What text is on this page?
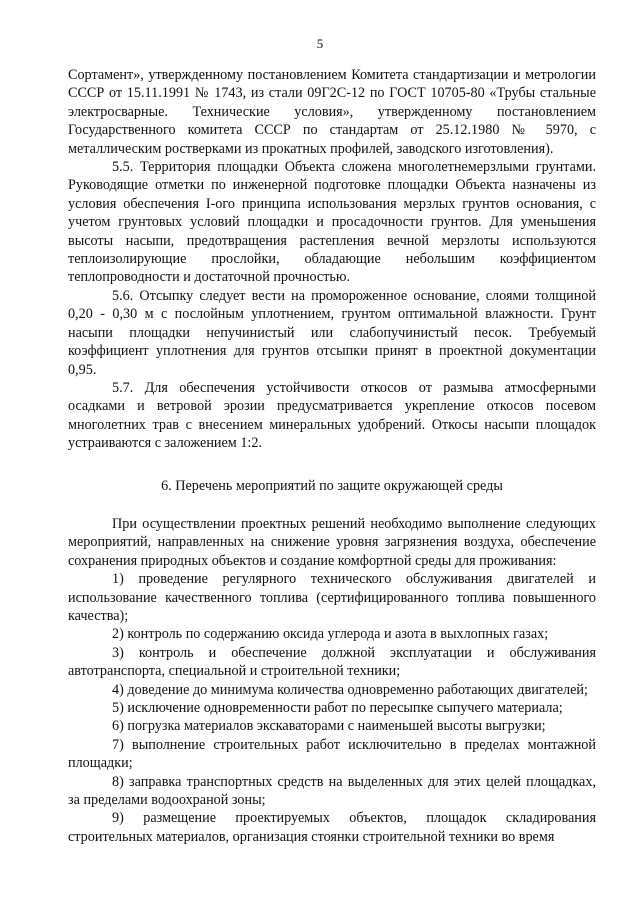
5

Сортамент», утвержденному постановлением Комитета стандартизации и метрологии СССР от 15.11.1991 № 1743, из стали 09Г2С-12 по ГОСТ 10705-80 «Трубы стальные электросварные. Технические условия», утвержденному постановлением Государственного комитета СССР по стандартам от 25.12.1980 № 5970, с металлическим ростверками из прокатных профилей, заводского изготовления).

5.5. Территория площадки Объекта сложена многолетнемерзлыми грунтами. Руководящие отметки по инженерной подготовке площадки Объекта назначены из условия обеспечения I-ого принципа использования мерзлых грунтов основания, с учетом грунтовых условий площадки и просадочности грунтов. Для уменьшения высоты насыпи, предотвращения растепления вечной мерзлоты используются теплоизолирующие прослойки, обладающие небольшим коэффициентом теплопроводности и достаточной прочностью.

5.6. Отсыпку следует вести на промороженное основание, слоями толщиной 0,20 - 0,30 м с послойным уплотнением, грунтом оптимальной влажности. Грунт насыпи площадки непучинистый или слабопучинистый песок. Требуемый коэффициент уплотнения для грунтов отсыпки принят в проектной документации 0,95.

5.7. Для обеспечения устойчивости откосов от размыва атмосферными осадками и ветровой эрозии предусматривается укрепление откосов посевом многолетних трав с внесением минеральных удобрений. Откосы насыпи площадок устраиваются с заложением 1:2.

6. Перечень мероприятий по защите окружающей среды

При осуществлении проектных решений необходимо выполнение следующих мероприятий, направленных на снижение уровня загрязнения воздуха, обеспечение сохранения природных объектов и создание комфортной среды для проживания:

1) проведение регулярного технического обслуживания двигателей и использование качественного топлива (сертифицированного топлива повышенного качества);

2) контроль по содержанию оксида углерода и азота в выхлопных газах;

3) контроль и обеспечение должной эксплуатации и обслуживания автотранспорта, специальной и строительной техники;

4) доведение до минимума количества одновременно работающих двигателей;

5) исключение одновременности работ по пересыпке сыпучего материала;

6) погрузка материалов экскаваторами с наименьшей высоты выгрузки;

7) выполнение строительных работ исключительно в пределах монтажной площадки;

8) заправка транспортных средств на выделенных для этих целей площадках, за пределами водоохраной зоны;

9) размещение проектируемых объектов, площадок складирования строительных материалов, организация стоянки строительной техники во время
